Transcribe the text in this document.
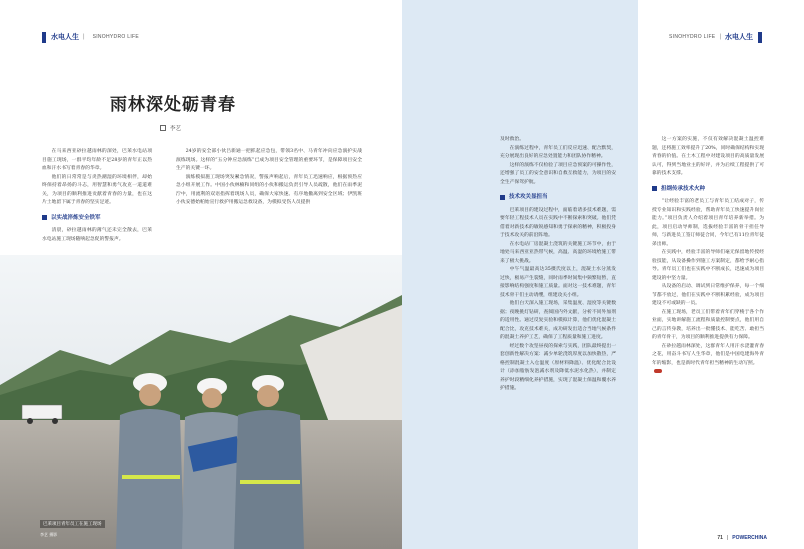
水电人生 | SINOHYDRO LIFE
雨林深处砺青春
李艺

在马来西亚砂拉越雨林的深处，巴莱水电站项目施工现场，一群平均年龄不足28岁的青年正以热血和汗水书写着青春的华章。

他们的日常常是与炎热潮湿的环境相伴，却始终保持着昂扬的斗志，用智慧和勇气攻克一道道难关，为项目的顺利推进贡献着青春的力量，也在这片土地留下属于青春的坚实足迹。

以实战淬炼安全铁军

清晨，砂拉越雨林的薄气还未完全散去，巴莱水电站施工现场随响起急促的警报声。

24岁的安全部小伙吕新通一把抓起应急包，带领3名中、马青年冲向应急演护实战演练现场。这样的“五分钟应急演练”已成为项目安全管理的重要环节，是保障项目安全生产的关键一环。

演练模拟施工现场突发紧急情况，警报声响起后，青年员工迅速响应，根据预热应急小组开展工作。中国小伙林楠和同组的小伙和搬运负责引导人员疏散，他们在雨季泥泞中，用流利的双语指挥着现场人员，确保大家快速、有序地撤离到安全区域；伊凯班小伙安德始帕始宣行救护用搬运急救设备，为模拟受伤人员提供

巴莱项目青年员工在施工现场
李艺 摄影
SINOHYDRO LIFE | 水电人生

及时救治。

在演练过程中，青年员工们反应迅速、配合默契，充分展现出良好的应急处置能力和团队协作精神。

这样的演练不仅检验了项目应急预案的可操作性，还增强了员工的安全意识和自救互救能力，为项目的安全生产保驾护航。

技术攻关显担当

巴莱项目的建设过程中，面临着诸多技术难题，需要年轻工程技术人员在实践中不断探索和突破。他们凭借着对新技术的敏锐感知和勇于探索的精神，积极投身于技术攻关的前沿阵地。

在水电站厂房混凝土浇筑的关键施工环节中，由于地处马来西亚亚热带气候，高温、高湿的环境给施工带来了极大挑战。

中午气温最高达35摄氏度以上，混凝土水分蒸发过快，极易产生裂缝，同时雨季时间集中频繁短暂，直接影响结构强度和施工质量。面对这一技术难题，青年技术骨干们主动请缨，组建攻关小组。

他们白天深入施工现场，采集温度、湿度等关键数据；夜晚挑灯钻研，查阅国内外文献，分析不同外加剂的适用性。通过反复实验和模拟计算，他们优化混凝土配合比，攻克技术难关，成功研发出适合当地气候条件的混凝土养护工艺，确保了工程质量和施工进度。

经过数个攻坚昼夜的探索与实践，团队最终提出一套创新性解决方案：减少单轮浇筑厚度以加快散热，严格控制混凝土入仓温度（原材料降温）、优化配合比设计（添加脂肪发泡减水剂及降低水泥水化热），并制定养护时段精细化养护措施，实现了混凝土保温和覆水养护措施。

这一方案的实施，不仅有效解决混凝土温控难题，还将施工效率提升了20%，同时确保结构和实现青春的价值。在土木工程中对建设项目的高质量发展认可，得到当地业主的好评，并为后续工程提供了可靠的技术支撑。

担纲传承技术火种

“让经验丰富的老员工与青年员工结成对子，传授专业知识和实践经验，帮助青年员工快速提升岗位能力。”项目负责人介绍着项目青年培养新举措。为此，项目启动导师制，选拔经验丰富的骨干担任导师，与新进员工签订师徒合同，今年已有11位青年徒弟出师。

在实践中，经验丰富的导师们毫无保留地传授经验技能，从设备操作到施工方案制定，都给予耐心指导。青年员工们也在实践中不断成长，迅速成为项目建设的中坚力量。

从设备的启动、调试到日常维护保养，每一个细节都不放过，他们在实践中不断积累经验，成为项目建设不可或缺的一员。

在施工现场，老员工们带着青年们穿梭于各个作业面，实地讲解施工流程和质量控制要点，他们用自己的言传身教，培养出一批懂技术、能吃苦、敢担当的青年骨干，为项目的顺利推进提供有力保障。

在砂拉越雨林深处，这群青年人用汗水浇灌青春之花，用奋斗书写人生华章，他们是中国电建海外青年的缩影，也是新时代青年担当精神的生动写照。

71 | POWERCHINA
